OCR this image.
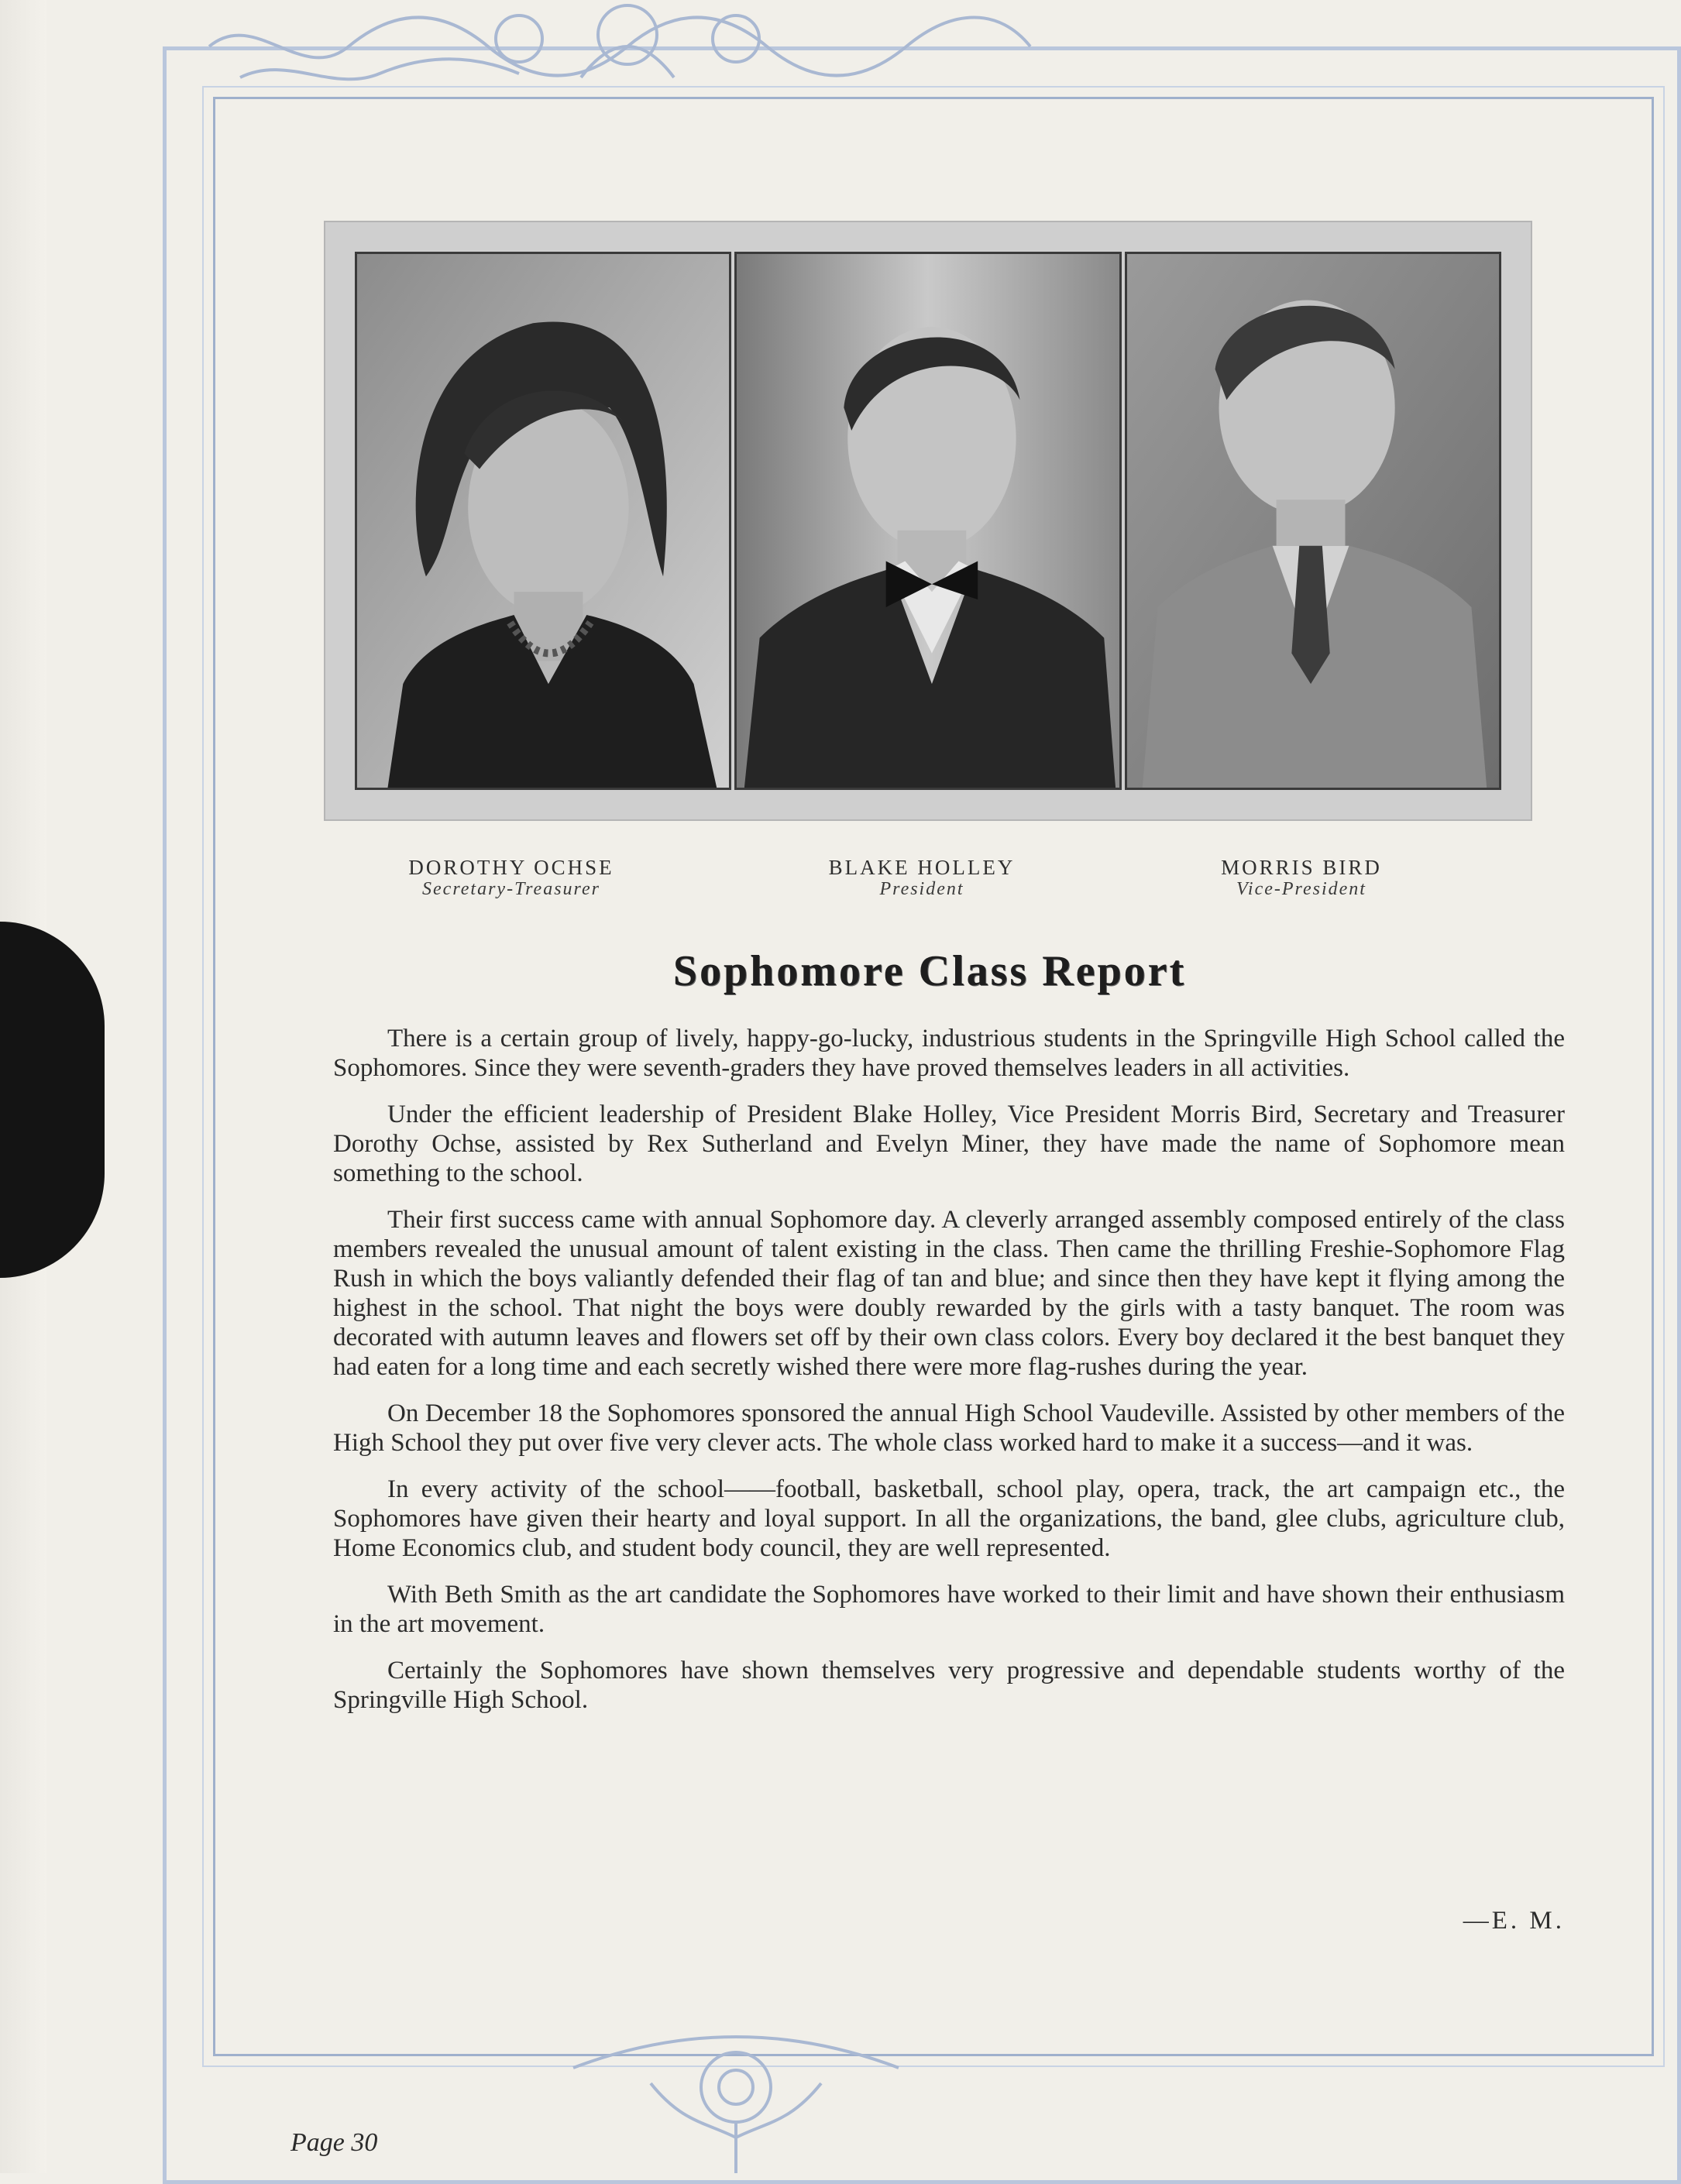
DOROTHY OCHSE
Secretary-Treasurer
BLAKE HOLLEY
President
MORRIS BIRD
Vice-President
Sophomore Class Report

There is a certain group of lively, happy-go-lucky, industrious students in the Springville High School called the Sophomores. Since they were seventh-graders they have proved themselves leaders in all activities.

Under the efficient leadership of President Blake Holley, Vice President Morris Bird, Secretary and Treasurer Dorothy Ochse, assisted by Rex Sutherland and Evelyn Miner, they have made the name of Sophomore mean something to the school.

Their first success came with annual Sophomore day. A cleverly arranged assembly composed entirely of the class members revealed the unusual amount of talent existing in the class. Then came the thrilling Freshie-Sophomore Flag Rush in which the boys valiantly defended their flag of tan and blue; and since then they have kept it flying among the highest in the school. That night the boys were doubly rewarded by the girls with a tasty banquet. The room was decorated with autumn leaves and flowers set off by their own class colors. Every boy declared it the best banquet they had eaten for a long time and each secretly wished there were more flag-rushes during the year.

On December 18 the Sophomores sponsored the annual High School Vaudeville. Assisted by other members of the High School they put over five very clever acts. The whole class worked hard to make it a success—and it was.

In every activity of the school——football, basketball, school play, opera, track, the art campaign etc., the Sophomores have given their hearty and loyal support. In all the organizations, the band, glee clubs, agriculture club, Home Economics club, and student body council, they are well represented.

With Beth Smith as the art candidate the Sophomores have worked to their limit and have shown their enthusiasm in the art movement.

Certainly the Sophomores have shown themselves very progressive and dependable students worthy of the Springville High School.

—E. M.
Page 30
